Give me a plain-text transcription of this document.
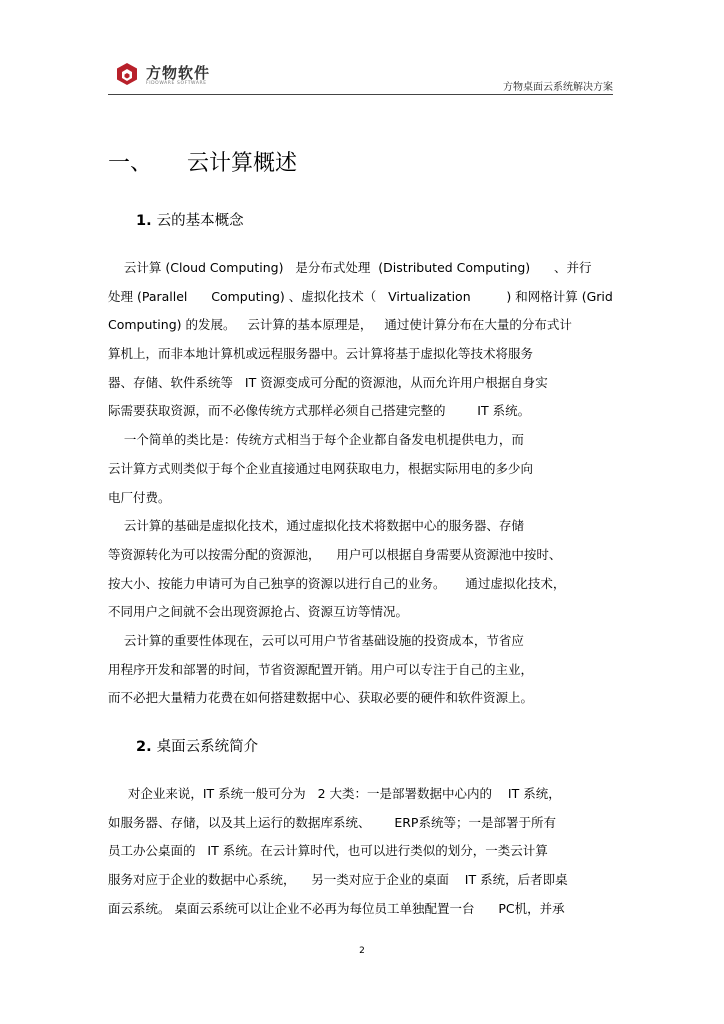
方物软件
FIDOWARE SOFTWARE	方物桌面云系统解决方案
一、 云计算概述
1. 云的基本概念
云计算 (Cloud Computing)   是分布式处理  (Distributed Computing)      、并行
处理 (Parallel      Computing) 、虚拟化技术（   Virtualization         ) 和网格计算 (Grid
Computing) 的发展。   云计算的基本原理是，   通过使计算分布在大量的分布式计
算机上，而非本地计算机或远程服务器中。云计算将基于虚拟化等技术将服务
器、存储、软件系统等   IT 资源变成可分配的资源池，从而允许用户根据自身实
际需要获取资源，而不必像传统方式那样必须自己搭建完整的        IT 系统。
一个简单的类比是：传统方式相当于每个企业都自备发电机提供电力，而
云计算方式则类似于每个企业直接通过电网获取电力，根据实际用电的多少向
电厂付费。
云计算的基础是虚拟化技术，通过虚拟化技术将数据中心的服务器、存储
等资源转化为可以按需分配的资源池，    用户可以根据自身需要从资源池中按时、
按大小、按能力申请可为自己独享的资源以进行自己的业务。     通过虚拟化技术，
不同用户之间就不会出现资源抢占、资源互访等情况。
云计算的重要性体现在，云可以可用户节省基础设施的投资成本，节省应
用程序开发和部署的时间，节省资源配置开销。用户可以专注于自己的主业，
而不必把大量精力花费在如何搭建数据中心、获取必要的硬件和软件资源上。
2. 桌面云系统简介
对企业来说，IT 系统一般可分为   2 大类：一是部署数据中心内的    IT 系统，
如服务器、存储，以及其上运行的数据库系统、      ERP系统等；一是部署于所有
员工办公桌面的   IT 系统。在云计算时代，也可以进行类似的划分，一类云计算
服务对应于企业的数据中心系统，    另一类对应于企业的桌面    IT 系统，后者即桌
面云系统。 桌面云系统可以让企业不必再为每位员工单独配置一台      PC机，并承
2
